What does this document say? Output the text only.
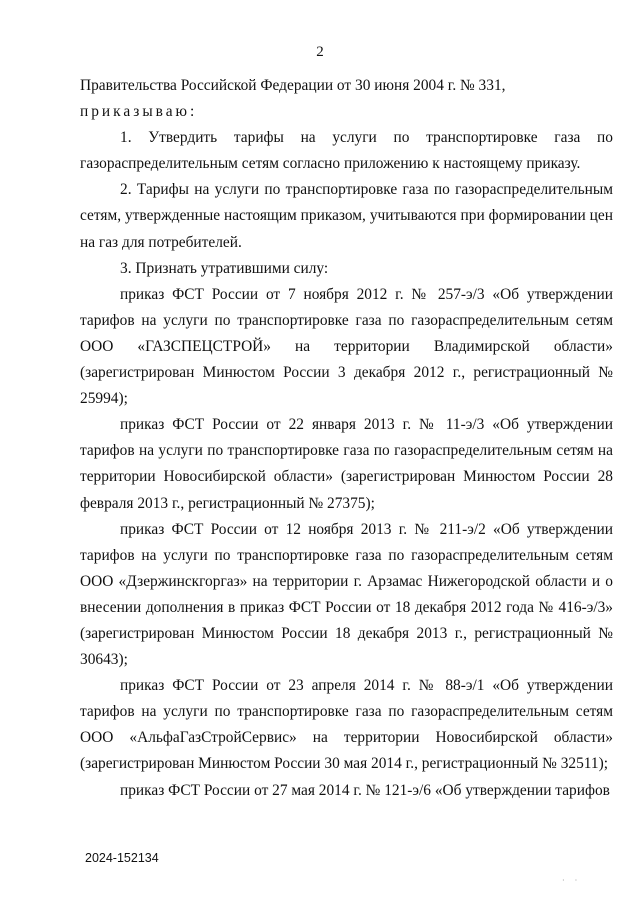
2

Правительства Российской Федерации от 30 июня 2004 г. № 331,

приказываю:

1. Утвердить тарифы на услуги по транспортировке газа по газораспределительным сетям согласно приложению к настоящему приказу.

2. Тарифы на услуги по транспортировке газа по газораспределительным сетям, утвержденные настоящим приказом, учитываются при формировании цен на газ для потребителей.

3. Признать утратившими силу:

приказ ФСТ России от 7 ноября 2012 г. № 257-э/3 «Об утверждении тарифов на услуги по транспортировке газа по газораспределительным сетям ООО «ГАЗСПЕЦСТРОЙ» на территории Владимирской области» (зарегистрирован Минюстом России 3 декабря 2012 г., регистрационный № 25994);

приказ ФСТ России от 22 января 2013 г. № 11-э/3 «Об утверждении тарифов на услуги по транспортировке газа по газораспределительным сетям на территории Новосибирской области» (зарегистрирован Минюстом России 28 февраля 2013 г., регистрационный № 27375);

приказ ФСТ России от 12 ноября 2013 г. № 211-э/2 «Об утверждении тарифов на услуги по транспортировке газа по газораспределительным сетям ООО «Дзержинскгоргаз» на территории г. Арзамас Нижегородской области и о внесении дополнения в приказ ФСТ России от 18 декабря 2012 года № 416-э/3» (зарегистрирован Минюстом России 18 декабря 2013 г., регистрационный № 30643);

приказ ФСТ России от 23 апреля 2014 г. № 88-э/1 «Об утверждении тарифов на услуги по транспортировке газа по газораспределительным сетям ООО «АльфаГазСтройСервис» на территории Новосибирской области» (зарегистрирован Минюстом России 30 мая 2014 г., регистрационный № 32511);

приказ ФСТ России от 27 мая 2014 г. № 121-э/6 «Об утверждении тарифов

2024-152134
· ·
